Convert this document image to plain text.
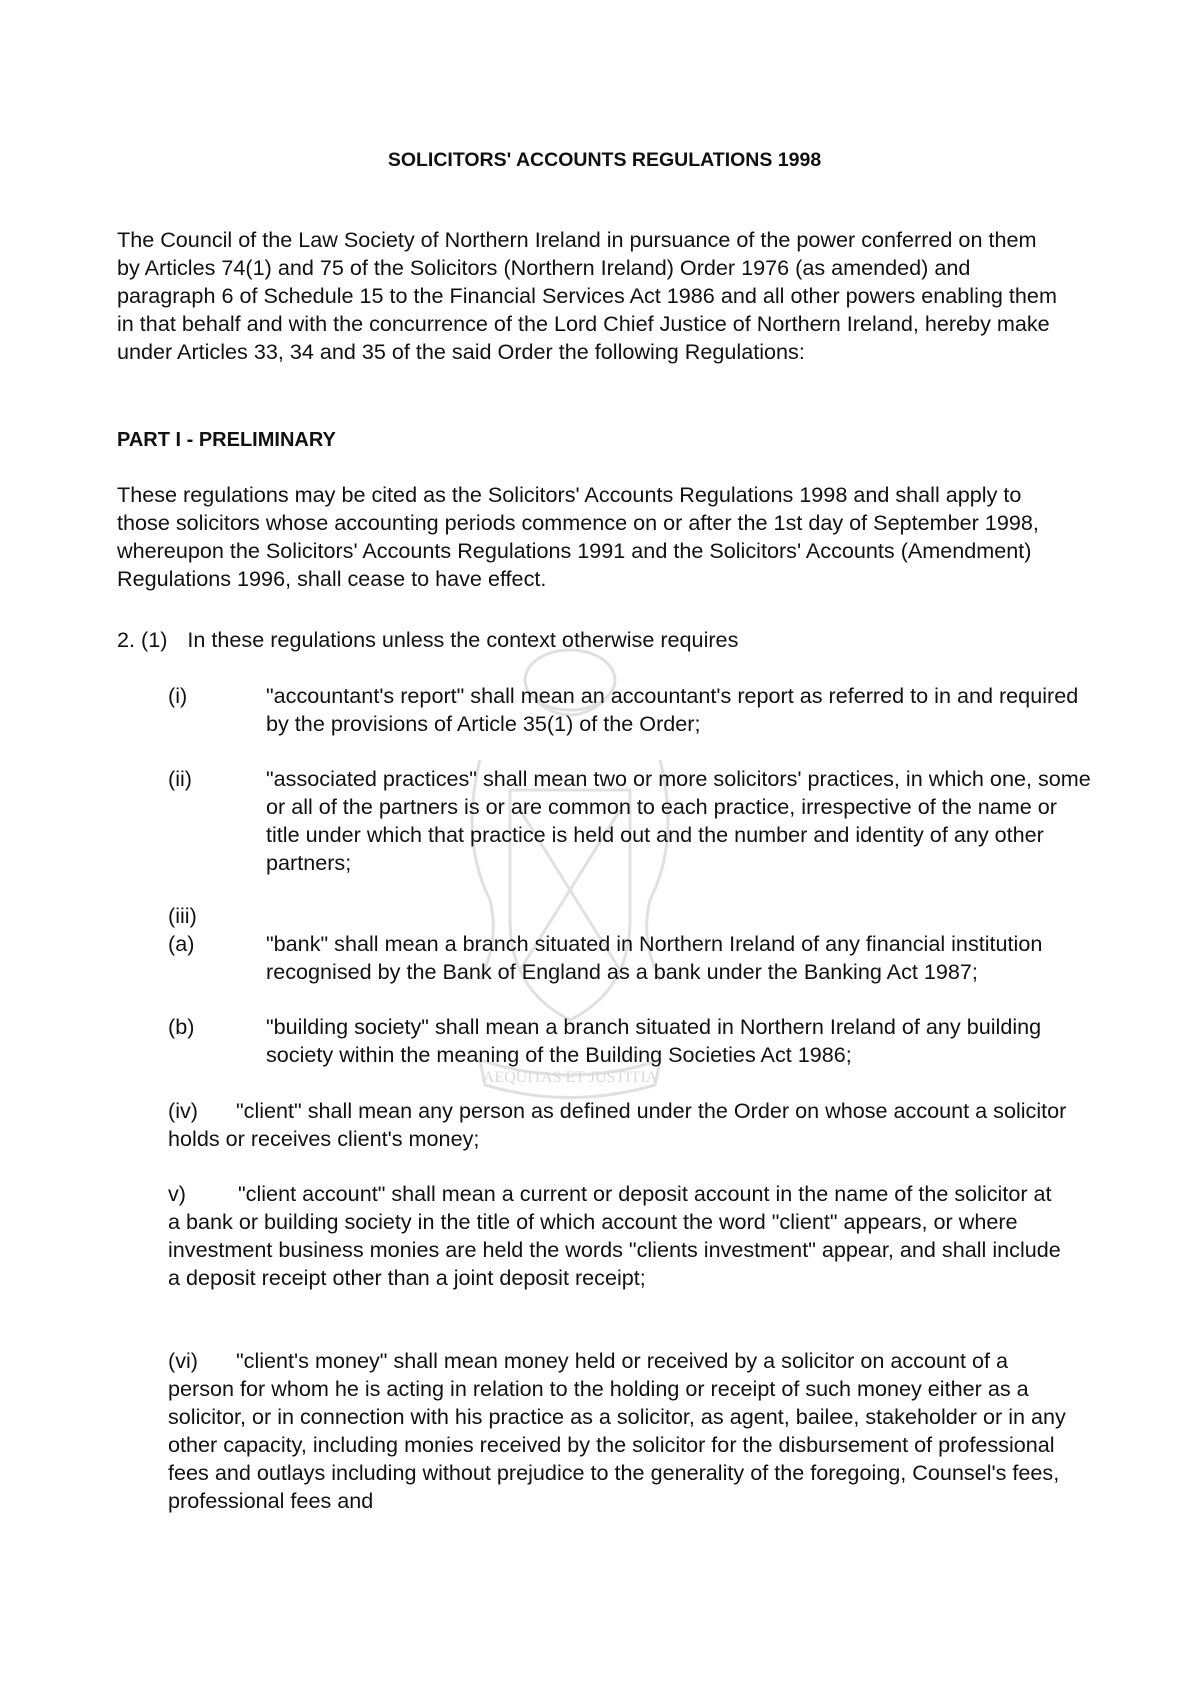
AEQUITAS ET JUSTITIA
SOLICITORS' ACCOUNTS REGULATIONS 1998
The Council of the Law Society of Northern Ireland in pursuance of the power conferred on them by Articles 74(1) and 75 of the Solicitors (Northern Ireland) Order 1976 (as amended) and paragraph 6 of Schedule 15 to the Financial Services Act 1986 and all other powers enabling them in that behalf and with the concurrence of the Lord Chief Justice of Northern Ireland, hereby make under Articles 33, 34 and 35 of the said Order the following Regulations:
PART I - PRELIMINARY
These regulations may be cited as the Solicitors' Accounts Regulations 1998 and shall apply to those solicitors whose accounting periods commence on or after the 1st day of September 1998, whereupon the Solicitors' Accounts Regulations 1991 and the Solicitors' Accounts (Amendment) Regulations 1996, shall cease to have effect.
2. (1) In these regulations unless the context otherwise requires
(i)	"accountant's report" shall mean an accountant's report as referred to in and required by the provisions of Article 35(1) of the Order;
(ii)	"associated practices" shall mean two or more solicitors' practices, in which one, some or all of the partners is or are common to each practice, irrespective of the name or title under which that practice is held out and the number and identity of any other partners;
(iii)
(a)	"bank" shall mean a branch situated in Northern Ireland of any financial institution recognised by the Bank of England as a bank under the Banking Act 1987;
(b)	"building society" shall mean a branch situated in Northern Ireland of any building society within the meaning of the Building Societies Act 1986;
(iv) "client" shall mean any person as defined under the Order on whose account a solicitor holds or receives client's money;
v) "client account" shall mean a current or deposit account in the name of the solicitor at a bank or building society in the title of which account the word "client" appears, or where investment business monies are held the words "clients investment" appear, and shall include a deposit receipt other than a joint deposit receipt;
(vi) "client's money" shall mean money held or received by a solicitor on account of a person for whom he is acting in relation to the holding or receipt of such money either as a solicitor, or in connection with his practice as a solicitor, as agent, bailee, stakeholder or in any other capacity, including monies received by the solicitor for the disbursement of professional fees and outlays including without prejudice to the generality of the foregoing, Counsel's fees, professional fees and
